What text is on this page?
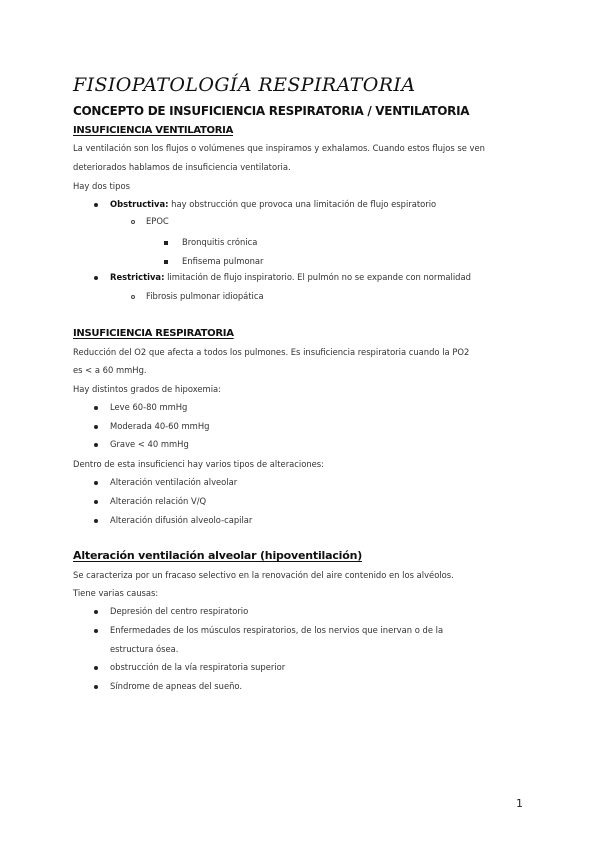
FISIOPATOLOGÍA RESPIRATORIA
CONCEPTO DE INSUFICIENCIA RESPIRATORIA / VENTILATORIA
INSUFICIENCIA VENTILATORIA

La ventilación son los flujos o volúmenes que inspiramos y exhalamos. Cuando estos flujos se ven

deteriorados hablamos de insuficiencia ventilatoria.

Hay dos tipos

Obstructiva: hay obstrucción que provoca una limitación de flujo espiratorio

EPOC

Bronquitis crónica

Enfisema pulmonar

Restrictiva: limitación de flujo inspiratorio. El pulmón no se expande con normalidad

Fibrosis pulmonar idiopática

INSUFICIENCIA RESPIRATORIA

Reducción del O2 que afecta a todos los pulmones. Es insuficiencia respiratoria cuando la PO2

es < a 60 mmHg.

Hay distintos grados de hipoxemia:

Leve 60-80 mmHg

Moderada 40-60 mmHg

Grave < 40 mmHg

Dentro de esta insuficienci hay varios tipos de alteraciones:

Alteración ventilación alveolar

Alteración relación V/Q

Alteración difusión alveolo-capilar

Alteración ventilación alveolar (hipoventilación)

Se caracteriza por un fracaso selectivo en la renovación del aire contenido en los alvéolos.

Tiene varias causas:

Depresión del centro respiratorio

Enfermedades de los músculos respiratorios, de los nervios que inervan o de la

estructura ósea.

obstrucción de la vía respiratoria superior

Síndrome de apneas del sueño.

1
